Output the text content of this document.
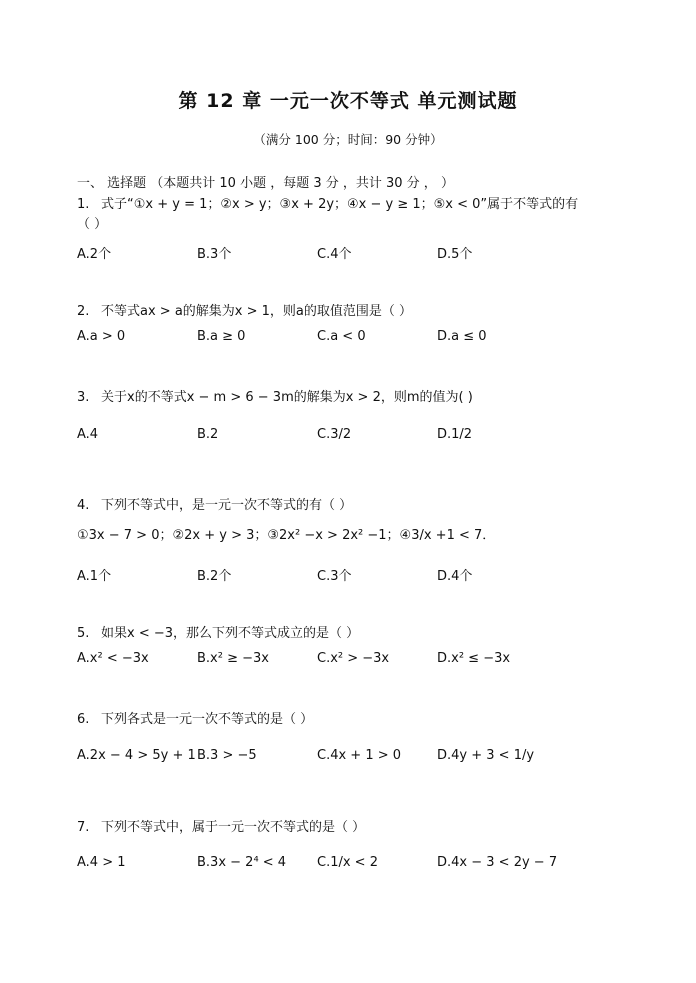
第 12 章 一元一次不等式 单元测试题
（满分 100 分；时间：90 分钟）
一、 选择题 （本题共计 10 小题 ，每题 3 分 ，共计 30 分 ， ）
1. 式子“①x + y = 1；②x > y；③x + 2y；④x − y ≥ 1；⑤x < 0”属于不等式的有
（ ）
A.2个	B.3个	C.4个	D.5个
2. 不等式ax > a的解集为x > 1，则a的取值范围是（ ）
A.a > 0	B.a ≥ 0	C.a < 0	D.a ≤ 0
3. 关于x的不等式x − m > 6 − 3m的解集为x > 2，则m的值为( )
A.4	B.2	C.3/2	D.1/2
4. 下列不等式中，是一元一次不等式的有（ ）
①3x − 7 > 0；②2x + y > 3；③2x² −x > 2x² −1；④3/x +1 < 7．
A.1个	B.2个	C.3个	D.4个
5. 如果x < −3，那么下列不等式成立的是（ ）
A.x² < −3x	B.x² ≥ −3x	C.x² > −3x	D.x² ≤ −3x
6. 下列各式是一元一次不等式的是（ ）
A.2x − 4 > 5y + 1 B.3 > −5	C.4x + 1 > 0	D.4y + 3 < 1/y
7. 下列不等式中，属于一元一次不等式的是（ ）
A.4 > 1	B.3x − 2⁴ < 4 C.1/x < 2	D.4x − 3 < 2y − 7
